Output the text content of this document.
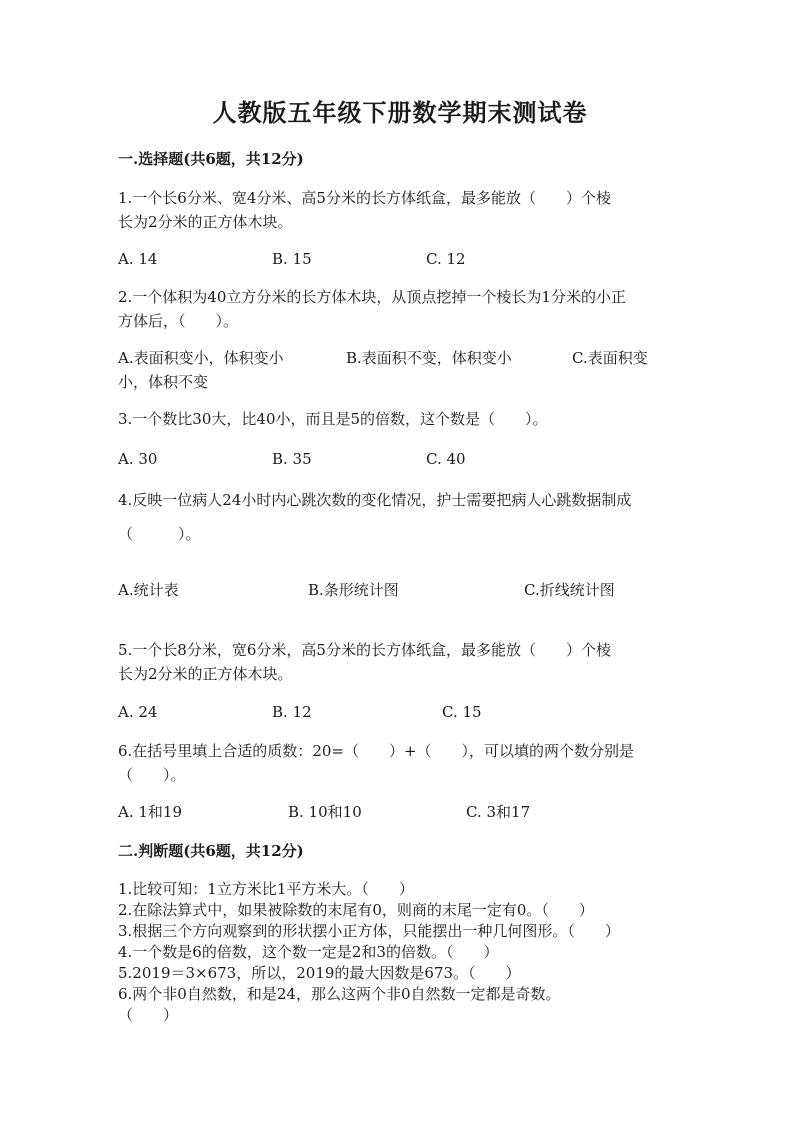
人教版五年级下册数学期末测试卷
一.选择题(共6题，共12分)
1.一个长6分米、宽4分米、高5分米的长方体纸盒，最多能放（　　）个棱
长为2分米的正方体木块。
A. 14	B. 15	C. 12
2.一个体积为40立方分米的长方体木块，从顶点挖掉一个棱长为1分米的小正
方体后，（　　）。
A.表面积变小，体积变小	B.表面积不变，体积变小	C.表面积变
小，体积不变
3.一个数比30大，比40小，而且是5的倍数，这个数是（　　）。
A. 30	B. 35	C. 40
4.反映一位病人24小时内心跳次数的变化情况，护士需要把病人心跳数据制成
（　　　）。
A.统计表	B.条形统计图	C.折线统计图
5.一个长8分米，宽6分米，高5分米的长方体纸盒，最多能放（　　）个棱
长为2分米的正方体木块。
A. 24	B. 12	C. 15
6.在括号里填上合适的质数：20=（　　）+（　　），可以填的两个数分别是
（　　）。
A. 1和19	B. 10和10	C. 3和17
二.判断题(共6题，共12分)
1.比较可知：1立方米比1平方米大。（　　）
2.在除法算式中，如果被除数的末尾有0，则商的末尾一定有0。（　　）
3.根据三个方向观察到的形状摆小正方体，只能摆出一种几何图形。（　　）
4.一个数是6的倍数，这个数一定是2和3的倍数。（　　）
5.2019＝3×673，所以，2019的最大因数是673。（　　）
6.两个非0自然数，和是24，那么这两个非0自然数一定都是奇数。
（　　）
